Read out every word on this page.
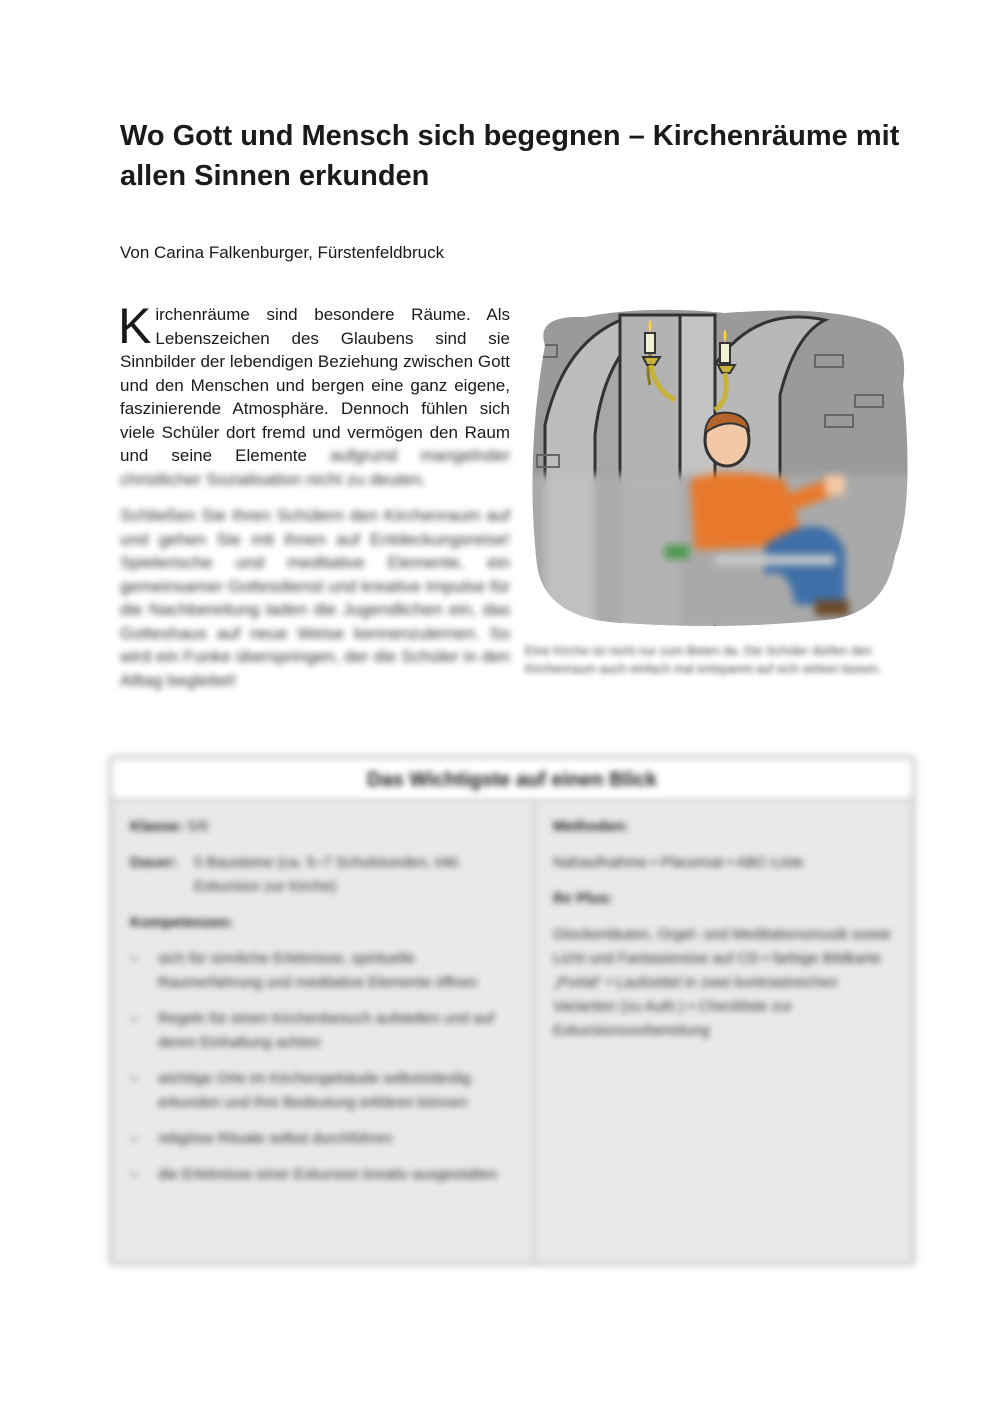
Wo Gott und Mensch sich begegnen – Kirchenräume mit allen Sinnen erkunden
Von Carina Falkenburger, Fürstenfeldbruck

Kirchenräume sind besondere Räume. Als Lebenszeichen des Glaubens sind sie Sinnbilder der lebendigen Beziehung zwischen Gott und den Menschen und bergen eine ganz eigene, faszinierende Atmosphäre. Dennoch fühlen sich viele Schüler dort fremd und vermögen den Raum und seine Elemente aufgrund mangelnder christlicher Sozialisation nicht zu deuten.

Schließen Sie Ihren Schülern den Kirchenraum auf und gehen Sie mit ihnen auf Entdeckungsreise! Spielerische und meditative Elemente, ein gemeinsamer Gottesdienst und kreative Impulse für die Nachbereitung laden die Jugendlichen ein, das Gotteshaus auf neue Weise kennenzulernen. So wird ein Funke überspringen, der die Schüler in den Alltag begleitet!

Eine Kirche ist nicht nur zum Beten da. Die Schüler dürfen den Kirchenraum auch einfach mal entspannt auf sich wirken lassen.

Das Wichtigste auf einen Blick
Klasse: 5/6
Dauer:	5 Bausteine (ca. 5–7 Schulstunden, inkl. Exkursion zur Kirche)
Kompetenzen:
–	sich für sinnliche Erlebnisse, spirituelle Raumerfahrung und meditative Elemente öffnen
–	Regeln für einen Kirchenbesuch aufstellen und auf deren Einhaltung achten
–	wichtige Orte im Kirchengebäude selbstständig erkunden und ihre Bedeutung erklären können
–	religiöse Rituale selbst durchführen
–	die Erlebnisse einer Exkursion kreativ ausgestalten
Methoden:
Nahaufnahme • Placemat • ABC-Liste
Ihr Plus:
Glockenläuten, Orgel- und Meditationsmusik sowie Licht und Fantasiereise auf CD • farbige Bildkarte „Portal“ • Laufzettel in zwei kontrastreichen Varianten (zu Auth.) • Checkliste zur Exkursionsvorbereitung
